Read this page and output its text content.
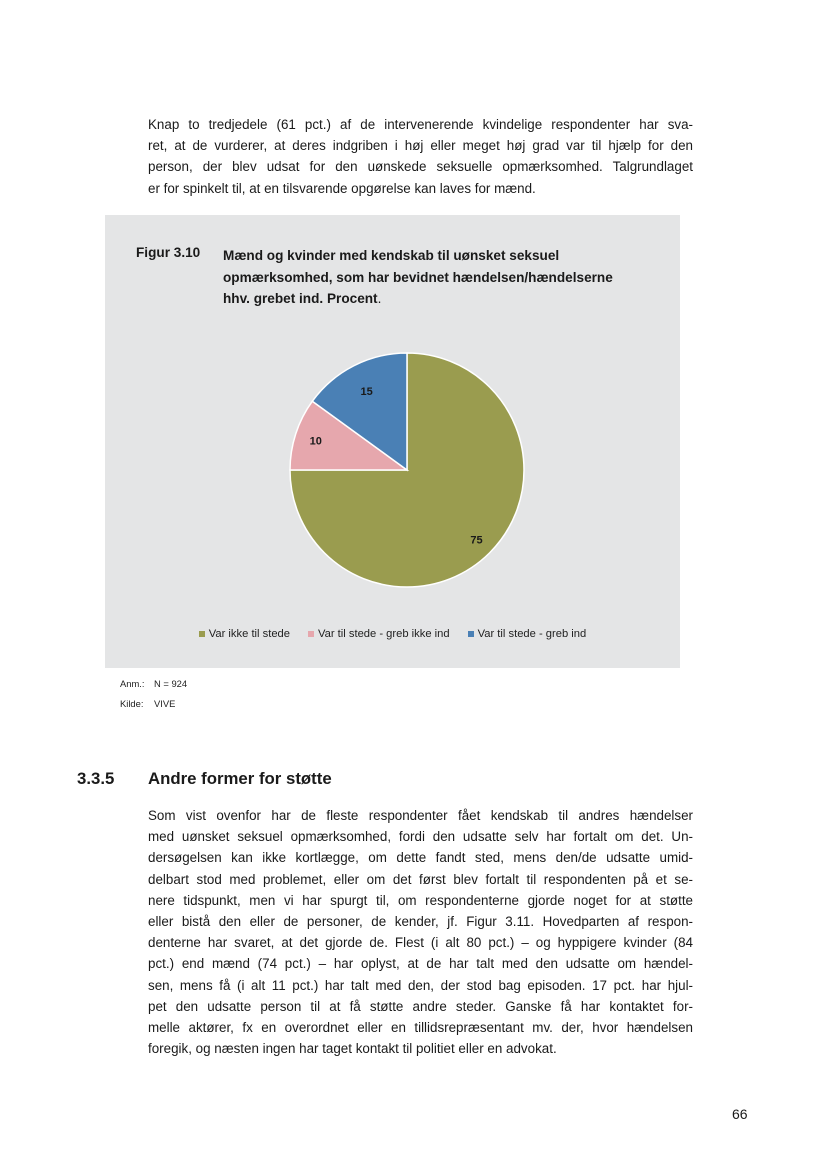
Knap to tredjedele (61 pct.) af de intervenerende kvindelige respondenter har sva-
ret, at de vurderer, at deres indgriben i høj eller meget høj grad var til hjælp for den
person, der blev udsat for den uønskede seksuelle opmærksomhed. Talgrundlaget
er for spinkelt til, at en tilsvarende opgørelse kan laves for mænd.

Figur 3.10 Mænd og kvinder med kendskab til uønsket seksuel
opmærksomhed, som har bevidnet hændelsen/hændelserne
hhv. grebet ind. Procent.
75
10
15
Var ikke til stede	Var til stede - greb ikke ind	Var til stede - greb ind
Anm.: N = 924
Kilde: VIVE
3.3.5 Andre former for støtte

Som vist ovenfor har de fleste respondenter fået kendskab til andres hændelser
med uønsket seksuel opmærksomhed, fordi den udsatte selv har fortalt om det. Un-
dersøgelsen kan ikke kortlægge, om dette fandt sted, mens den/de udsatte umid-
delbart stod med problemet, eller om det først blev fortalt til respondenten på et se-
nere tidspunkt, men vi har spurgt til, om respondenterne gjorde noget for at støtte
eller bistå den eller de personer, de kender, jf. Figur 3.11. Hovedparten af respon-
denterne har svaret, at det gjorde de. Flest (i alt 80 pct.) – og hyppigere kvinder (84
pct.) end mænd (74 pct.) – har oplyst, at de har talt med den udsatte om hændel-
sen, mens få (i alt 11 pct.) har talt med den, der stod bag episoden. 17 pct. har hjul-
pet den udsatte person til at få støtte andre steder. Ganske få har kontaktet for-
melle aktører, fx en overordnet eller en tillidsrepræsentant mv. der, hvor hændelsen
foregik, og næsten ingen har taget kontakt til politiet eller en advokat.

66
